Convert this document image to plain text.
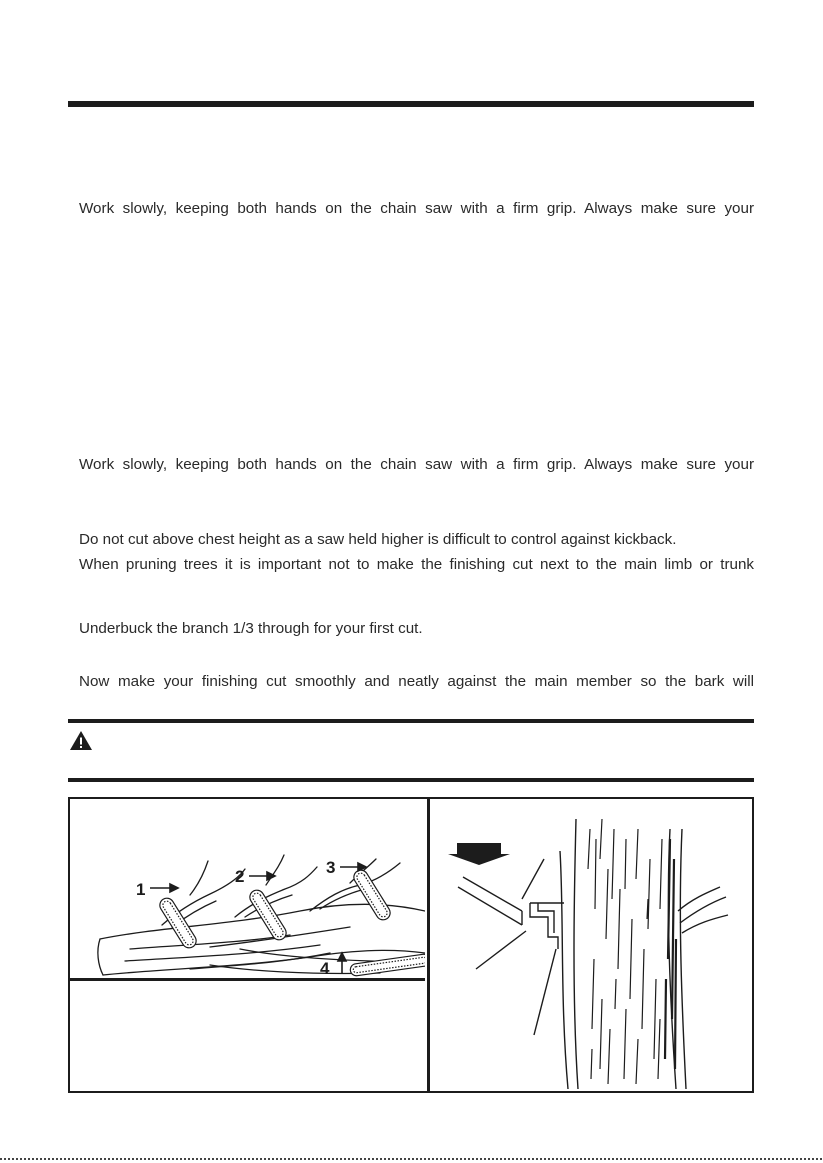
Work slowly, keeping both hands on the chain saw with a firm grip. Always make sure your
Work slowly, keeping both hands on the chain saw with a firm grip. Always make sure your
Do not cut above chest height as a saw held higher is difficult to control against kickback.
When pruning trees it is important not to make the finishing cut next to the main limb or trunk
Underbuck the branch 1/3 through for your first cut.
Now make your finishing cut smoothly and neatly against the main member so the bark will
1
2	3
4
